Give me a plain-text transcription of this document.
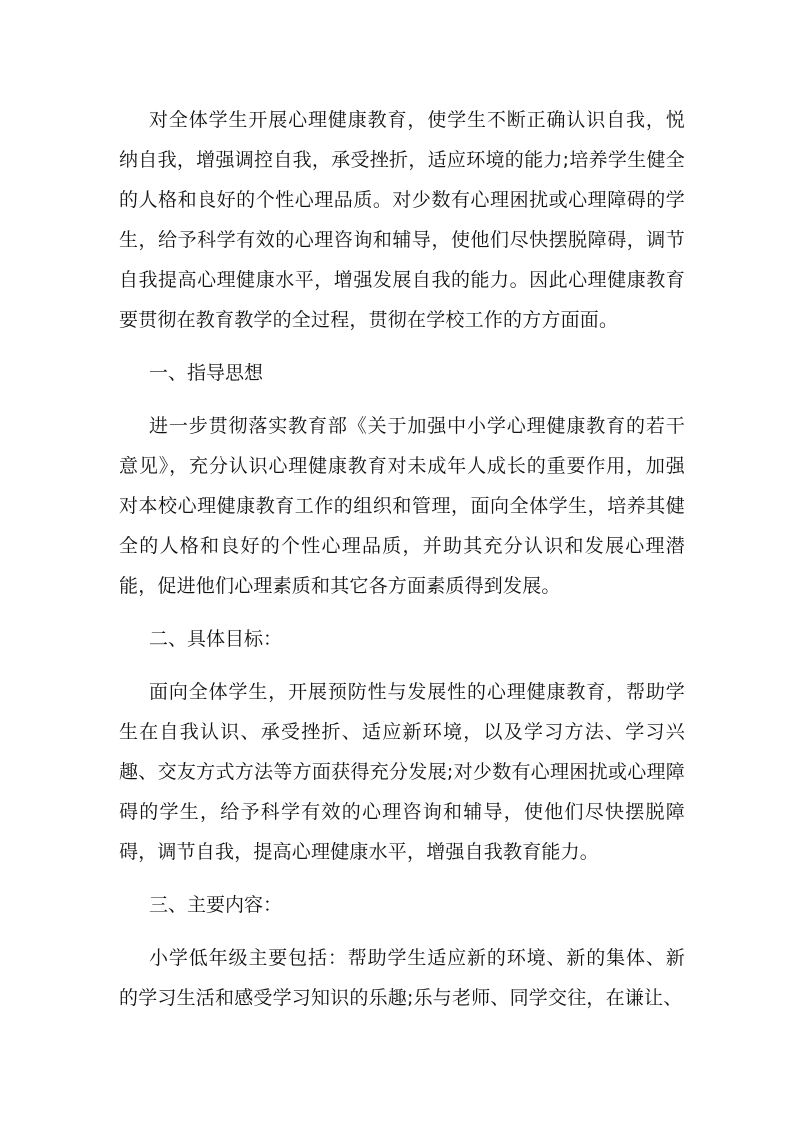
对全体学生开展心理健康教育，使学生不断正确认识自我，悦纳自我，增强调控自我，承受挫折，适应环境的能力;培养学生健全的人格和良好的个性心理品质。对少数有心理困扰或心理障碍的学生，给予科学有效的心理咨询和辅导，使他们尽快摆脱障碍，调节自我提高心理健康水平，增强发展自我的能力。因此心理健康教育要贯彻在教育教学的全过程，贯彻在学校工作的方方面面。

一、指导思想

进一步贯彻落实教育部《关于加强中小学心理健康教育的若干意见》，充分认识心理健康教育对未成年人成长的重要作用，加强对本校心理健康教育工作的组织和管理，面向全体学生，培养其健全的人格和良好的个性心理品质，并助其充分认识和发展心理潜能，促进他们心理素质和其它各方面素质得到发展。

二、具体目标：

面向全体学生，开展预防性与发展性的心理健康教育，帮助学生在自我认识、承受挫折、适应新环境，以及学习方法、学习兴趣、交友方式方法等方面获得充分发展;对少数有心理困扰或心理障碍的学生，给予科学有效的心理咨询和辅导，使他们尽快摆脱障碍，调节自我，提高心理健康水平，增强自我教育能力。

三、主要内容：

小学低年级主要包括：帮助学生适应新的环境、新的集体、新的学习生活和感受学习知识的乐趣;乐与老师、同学交往，在谦让、
